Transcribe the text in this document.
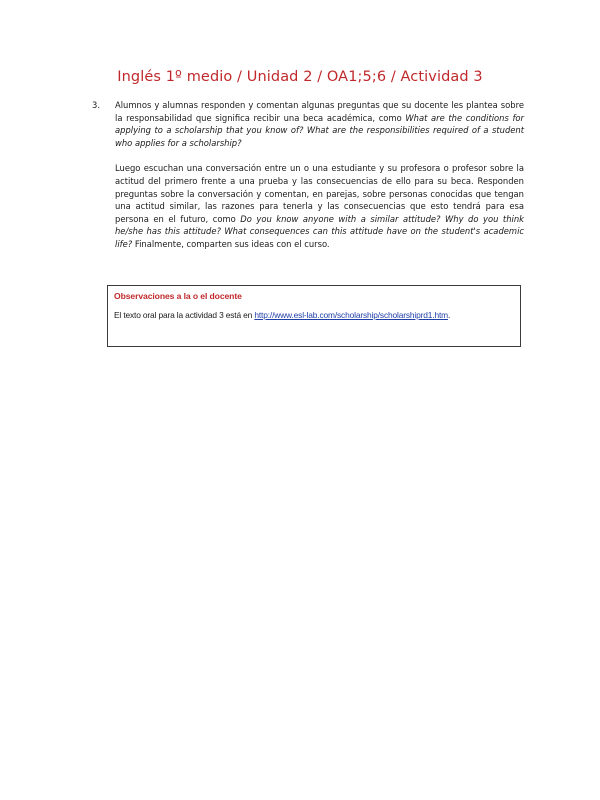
Inglés 1º medio / Unidad 2 / OA1;5;6 / Actividad 3
3. Alumnos y alumnas responden y comentan algunas preguntas que su docente les plantea sobre la responsabilidad que significa recibir una beca académica, como What are the conditions for applying to a scholarship that you know of? What are the responsibilities required of a student who applies for a scholarship?

Luego escuchan una conversación entre un o una estudiante y su profesora o profesor sobre la actitud del primero frente a una prueba y las consecuencias de ello para su beca. Responden preguntas sobre la conversación y comentan, en parejas, sobre personas conocidas que tengan una actitud similar, las razones para tenerla y las consecuencias que esto tendrá para esa persona en el futuro, como Do you know anyone with a similar attitude? Why do you think he/she has this attitude? What consequences can this attitude have on the student's academic life? Finalmente, comparten sus ideas con el curso.

Observaciones a la o el docente
El texto oral para la actividad 3 está en http://www.esl-lab.com/scholarship/scholarshiprd1.htm.
